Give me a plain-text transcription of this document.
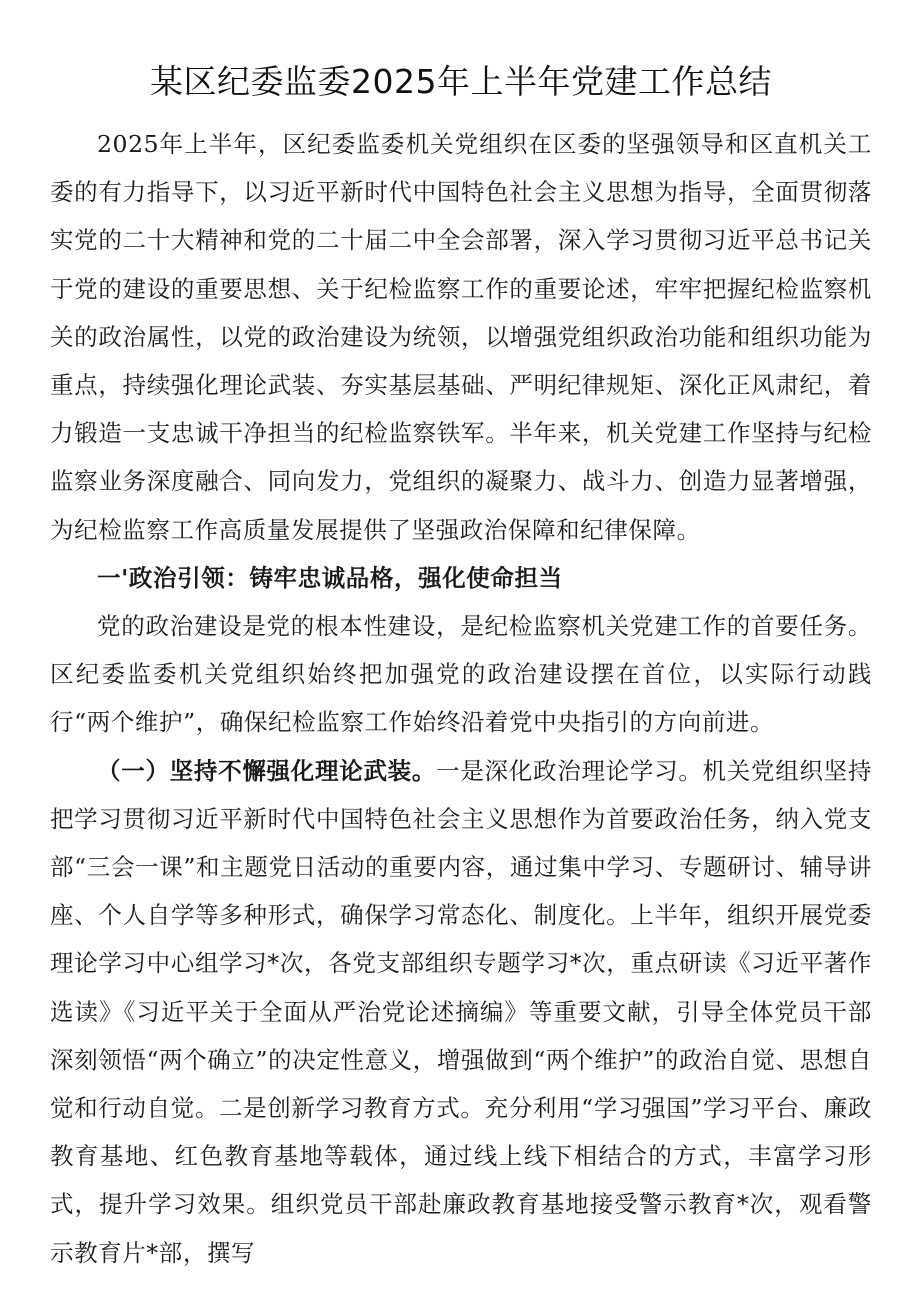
某区纪委监委2025年上半年党建工作总结

2025年上半年，区纪委监委机关党组织在区委的坚强领导和区直机关工委的有力指导下，以习近平新时代中国特色社会主义思想为指导，全面贯彻落实党的二十大精神和党的二十届二中全会部署，深入学习贯彻习近平总书记关于党的建设的重要思想、关于纪检监察工作的重要论述，牢牢把握纪检监察机关的政治属性，以党的政治建设为统领，以增强党组织政治功能和组织功能为重点，持续强化理论武装、夯实基层基础、严明纪律规矩、深化正风肃纪，着力锻造一支忠诚干净担当的纪检监察铁军。半年来，机关党建工作坚持与纪检监察业务深度融合、同向发力，党组织的凝聚力、战斗力、创造力显著增强，为纪检监察工作高质量发展提供了坚强政治保障和纪律保障。

一'政治引领：铸牢忠诚品格，强化使命担当

党的政治建设是党的根本性建设，是纪检监察机关党建工作的首要任务。区纪委监委机关党组织始终把加强党的政治建设摆在首位，以实际行动践行“两个维护”，确保纪检监察工作始终沿着党中央指引的方向前进。

（一）坚持不懈强化理论武装。一是深化政治理论学习。机关党组织坚持把学习贯彻习近平新时代中国特色社会主义思想作为首要政治任务，纳入党支部“三会一课”和主题党日活动的重要内容，通过集中学习、专题研讨、辅导讲座、个人自学等多种形式，确保学习常态化、制度化。上半年，组织开展党委理论学习中心组学习*次，各党支部组织专题学习*次，重点研读《习近平著作选读》《习近平关于全面从严治党论述摘编》等重要文献，引导全体党员干部深刻领悟“两个确立”的决定性意义，增强做到“两个维护”的政治自觉、思想自觉和行动自觉。二是创新学习教育方式。充分利用“学习强国”学习平台、廉政教育基地、红色教育基地等载体，通过线上线下相结合的方式，丰富学习形式，提升学习效果。组织党员干部赴廉政教育基地接受警示教育*次，观看警示教育片*部，撰写
